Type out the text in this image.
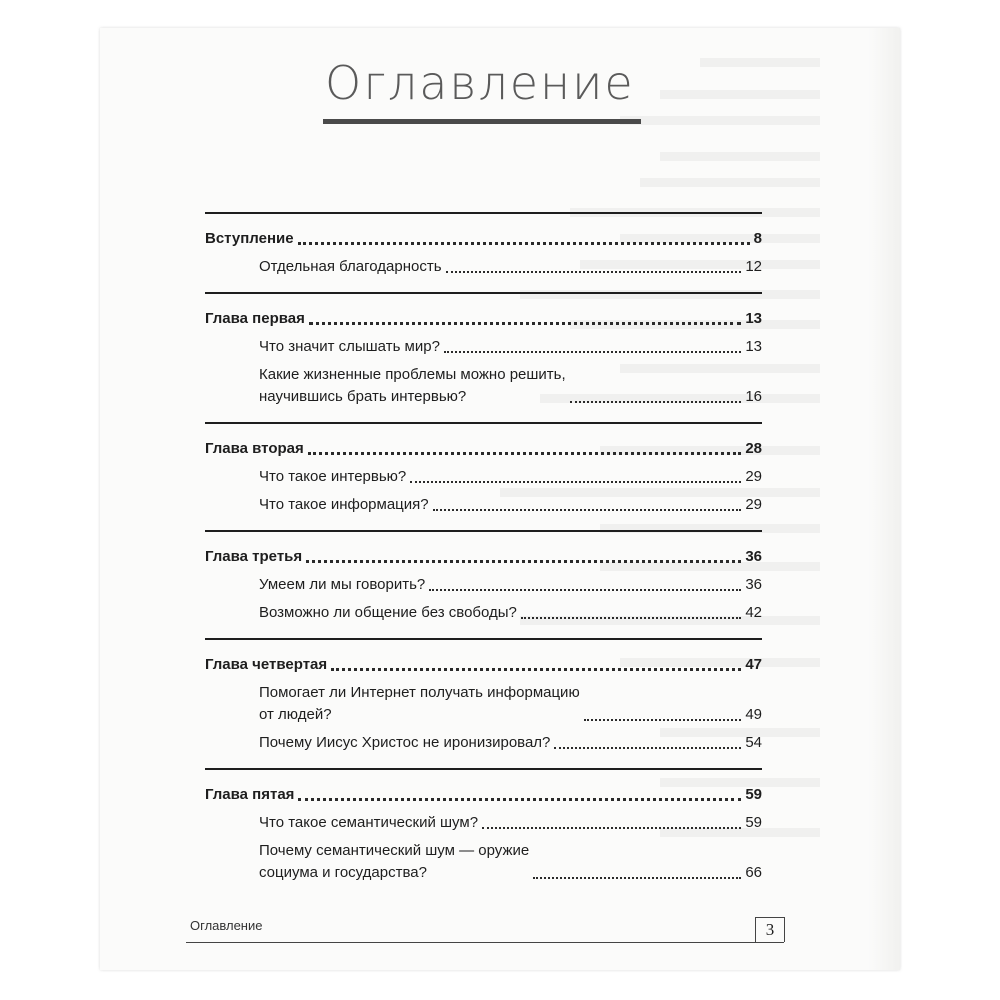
Оглавление
Вступление	8
Отдельная благодарность	12
Глава первая	13
Что значит слышать мир?	13
Какие жизненные проблемы можно решить,
научившись брать интервью?	16
Глава вторая	28
Что такое интервью?	29
Что такое информация?	29
Глава третья	36
Умеем ли мы говорить?	36
Возможно ли общение без свободы?	42
Глава четвертая	47
Помогает ли Интернет получать информацию
от людей?	49
Почему Иисус Христос не иронизировал?	54
Глава пятая	59
Что такое семантический шум?	59
Почему семантический шум — оружие
социума и государства?	66
Оглавление	3
